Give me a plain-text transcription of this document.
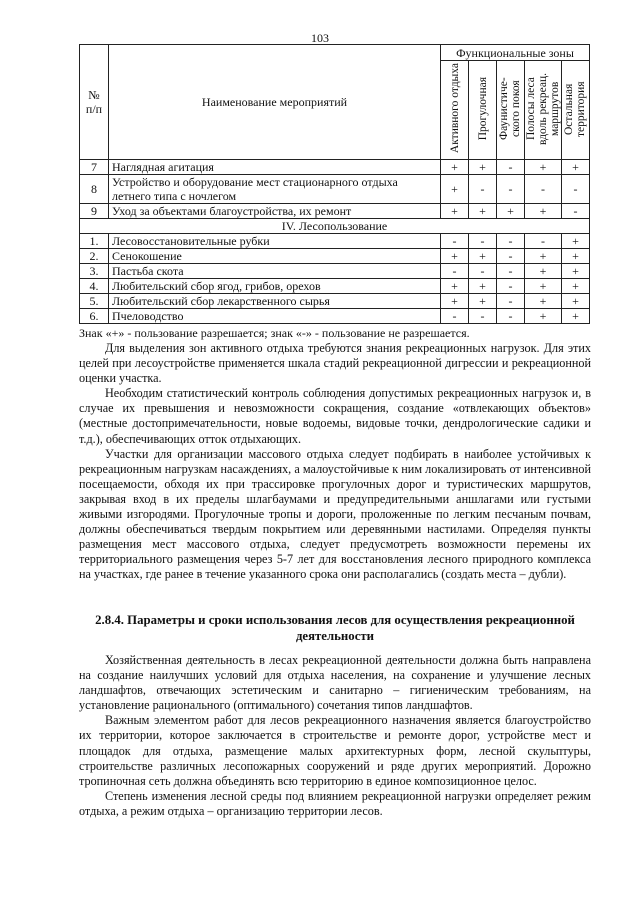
103
№ п/п	Наименование мероприятий	Функциональные зоны				
		Активного отдыха	Прогулочная	Фаунистиче-ского покоя	Полосы леса вдоль рекреац. маршрутов	Остальная территория
7	Наглядная агитация	+	+	-	+	+
8	Устройство и оборудование мест стационарного отдыха летнего типа с ночлегом	+	-	-	-	-
9	Уход за объектами благоустройства, их ремонт	+	+	+	+	-
IV. Лесопользование						
1.	Лесовосстановительные рубки	-	-	-	-	+
2.	Сенокошение	+	+	-	+	+
3.	Пастьба скота	-	-	-	+	+
4.	Любительский сбор ягод, грибов, орехов	+	+	-	+	+
5.	Любительский сбор лекарственного сырья	+	+	-	+	+
6.	Пчеловодство	-	-	-	+	+
Знак «+» - пользование разрешается; знак «-» - пользование не разрешается.

Для выделения зон активного отдыха требуются знания рекреационных нагрузок. Для этих целей при лесоустройстве применяется шкала стадий рекреационной дигрессии и рекреационной оценки участка.

Необходим статистический контроль соблюдения допустимых рекреационных нагрузок и, в случае их превышения и невозможности сокращения, создание «отвлекающих объектов» (местные достопримечательности, новые водоемы, видовые точки, дендрологические садики и т.д.), обеспечивающих отток отдыхающих.

Участки для организации массового отдыха следует подбирать в наиболее устойчивых к рекреационным нагрузкам насаждениях, а малоустойчивые к ним локализировать от интенсивной посещаемости, обходя их при трассировке прогулочных дорог и туристических маршрутов, закрывая вход в их пределы шлагбаумами и предупредительными аншлагами или густыми живыми изгородями. Прогулочные тропы и дороги, проложенные по легким песчаным почвам, должны обеспечиваться твердым покрытием или деревянными настилами. Определяя пункты размещения мест массового отдыха, следует предусмотреть возможности перемены их территориального размещения через 5-7 лет для восстановления лесного природного комплекса на участках, где ранее в течение указанного срока они располагались (создать места – дубли).

2.8.4. Параметры и сроки использования лесов для осуществления рекреационной деятельности

Хозяйственная деятельность в лесах рекреационной деятельности должна быть направлена на создание наилучших условий для отдыха населения, на сохранение и улучшение лесных ландшафтов, отвечающих эстетическим и санитарно – гигиеническим требованиям, на установление рационального (оптимального) сочетания типов ландшафтов.

Важным элементом работ для лесов рекреационного назначения является благоустройство их территории, которое заключается в строительстве и ремонте дорог, устройстве мест и площадок для отдыха, размещение малых архитектурных форм, лесной скульптуры, строительстве различных лесопожарных сооружений и ряде других мероприятий. Дорожно тропиночная сеть должна объединять всю территорию в единое композиционное целос.

Степень изменения лесной среды под влиянием рекреационной нагрузки определяет режим отдыха, а режим отдыха – организацию территории лесов.
